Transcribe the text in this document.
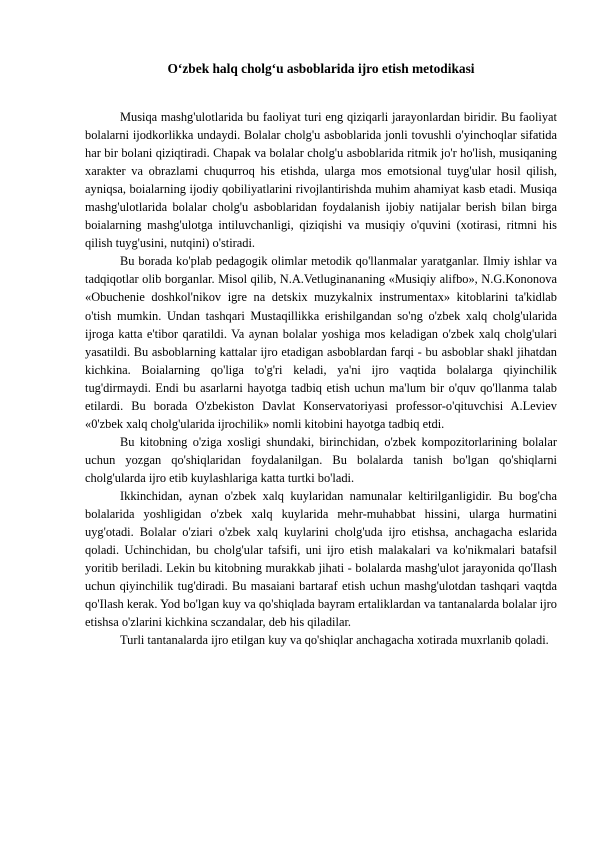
O‘zbek halq cholg‘u asboblarida ijro etish metodikasi

Musiqa mashg'ulotlarida bu faoliyat turi eng qiziqarli jarayonlardan biridir. Bu faoliyat bolalarni ijodkorlikka undaydi. Bolalar cholg'u asboblarida jonli tovushli o'yinchoqlar sifatida har bir bolani qiziqtiradi. Chapak va bolalar cholg'u asboblarida ritmik jo'r ho'lish, musiqaning xarakter va obrazlami chuqurroq his etishda, ularga mos emotsional tuyg'ular hosil qilish, ayniqsa, boialarning ijodiy qobiliyatlarini rivojlantirishda muhim ahamiyat kasb etadi. Musiqa mashg'ulotlarida bolalar cholg'u asboblaridan foydalanish ijobiy natijalar berish bilan birga boialarning mashg'ulotga intiluvchanligi, qiziqishi va musiqiy o'quvini (xotirasi, ritmni his qilish tuyg'usini, nutqini) o'stiradi.

Bu borada ko'plab pedagogik olimlar metodik qo'llanmalar yaratganlar. Ilmiy ishlar va tadqiqotlar olib borganlar. Misol qilib, N.A.Vetluginananing «Musiqiy alifbo», N.G.Kononova «Obuchenie doshkol'nikov igre na detskix muzykalnix instrumentax» kitoblarini ta'kidlab o'tish mumkin. Undan tashqari Mustaqillikka erishilgandan so'ng o'zbek xalq cholg'ularida ijroga katta e'tibor qaratildi. Va aynan bolalar yoshiga mos keladigan o'zbek xalq cholg'ulari yasatildi. Bu asboblarning kattalar ijro etadigan asboblardan farqi - bu asboblar shakl jihatdan kichkina. Boialarning qo'liga to'g'ri keladi, ya'ni ijro vaqtida bolalarga qiyinchilik tug'dirmaydi. Endi bu asarlarni hayotga tadbiq etish uchun ma'lum bir o'quv qo'llanma talab etilardi. Bu borada O'zbekiston Davlat Konservatoriyasi professor-o'qituvchisi A.Leviev «0'zbek xalq cholg'ularida ijrochilik» nomli kitobini hayotga tadbiq etdi.

Bu kitobning o'ziga xosligi shundaki, birinchidan, o'zbek kompozitorlarining bolalar uchun yozgan qo'shiqlaridan foydalanilgan. Bu bolalarda tanish bo'lgan qo'shiqlarni cholg'ularda ijro etib kuylashlariga katta turtki bo'ladi.

Ikkinchidan, aynan o'zbek xalq kuylaridan namunalar keltirilganligidir. Bu bog'cha bolalarida yoshligidan o'zbek xalq kuylarida mehr-muhabbat hissini, ularga hurmatini uyg'otadi. Bolalar o'ziari o'zbek xalq kuylarini cholg'uda ijro etishsa, anchagacha eslarida qoladi. Uchinchidan, bu cholg'ular tafsifi, uni ijro etish malakalari va ko'nikmalari batafsil yoritib beriladi. Lekin bu kitobning murakkab jihati - bolalarda mashg'ulot jarayonida qo'Ilash uchun qiyinchilik tug'diradi. Bu masaiani bartaraf etish uchun mashg'ulotdan tashqari vaqtda qo'Ilash kerak. Yod bo'lgan kuy va qo'shiqlada bayram ertaliklardan va tantanalarda bolalar ijro etishsa o'zlarini kichkina sczandalar, deb his qiladilar.

Turli tantanalarda ijro etilgan kuy va qo'shiqlar anchagacha xotirada muxrlanib qoladi.
